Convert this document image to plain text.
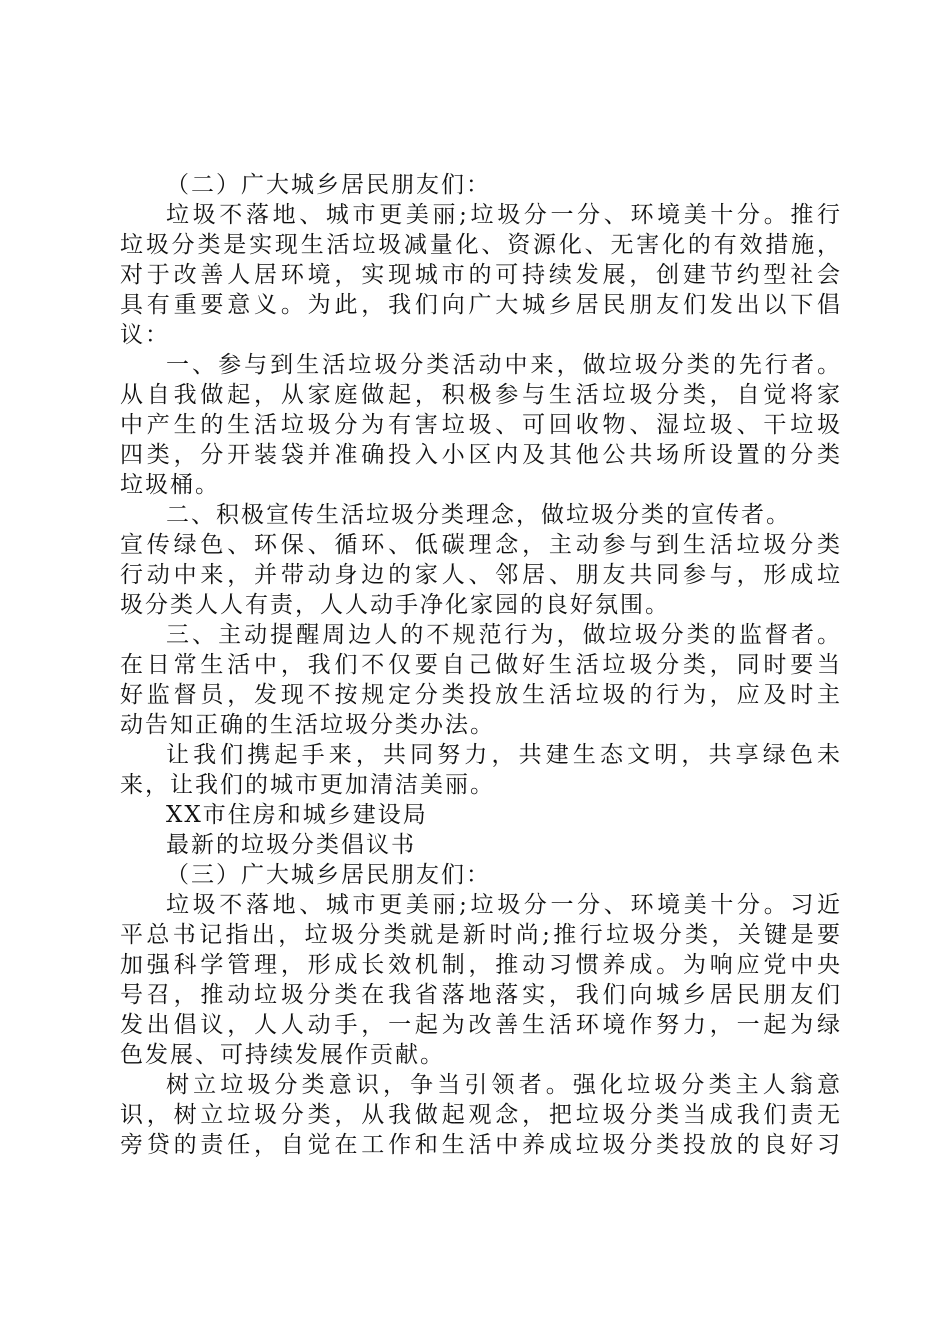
（二）广大城乡居民朋友们：
垃圾不落地、城市更美丽;垃圾分一分、环境美十分。推行
垃圾分类是实现生活垃圾减量化、资源化、无害化的有效措施，
对于改善人居环境，实现城市的可持续发展，创建节约型社会
具有重要意义。为此，我们向广大城乡居民朋友们发出以下倡
议：
一、参与到生活垃圾分类活动中来，做垃圾分类的先行者。
从自我做起，从家庭做起，积极参与生活垃圾分类，自觉将家
中产生的生活垃圾分为有害垃圾、可回收物、湿垃圾、干垃圾
四类，分开装袋并准确投入小区内及其他公共场所设置的分类
垃圾桶。
二、积极宣传生活垃圾分类理念，做垃圾分类的宣传者。
宣传绿色、环保、循环、低碳理念，主动参与到生活垃圾分类
行动中来，并带动身边的家人、邻居、朋友共同参与，形成垃
圾分类人人有责，人人动手净化家园的良好氛围。
三、主动提醒周边人的不规范行为，做垃圾分类的监督者。
在日常生活中，我们不仅要自己做好生活垃圾分类，同时要当
好监督员，发现不按规定分类投放生活垃圾的行为，应及时主
动告知正确的生活垃圾分类办法。
让我们携起手来，共同努力，共建生态文明，共享绿色未
来，让我们的城市更加清洁美丽。
XX市住房和城乡建设局
最新的垃圾分类倡议书
（三）广大城乡居民朋友们：
垃圾不落地、城市更美丽;垃圾分一分、环境美十分。习近
平总书记指出，垃圾分类就是新时尚;推行垃圾分类，关键是要
加强科学管理，形成长效机制，推动习惯养成。为响应党中央
号召，推动垃圾分类在我省落地落实，我们向城乡居民朋友们
发出倡议，人人动手，一起为改善生活环境作努力，一起为绿
色发展、可持续发展作贡献。
树立垃圾分类意识，争当引领者。强化垃圾分类主人翁意
识，树立垃圾分类，从我做起观念，把垃圾分类当成我们责无
旁贷的责任，自觉在工作和生活中养成垃圾分类投放的良好习
